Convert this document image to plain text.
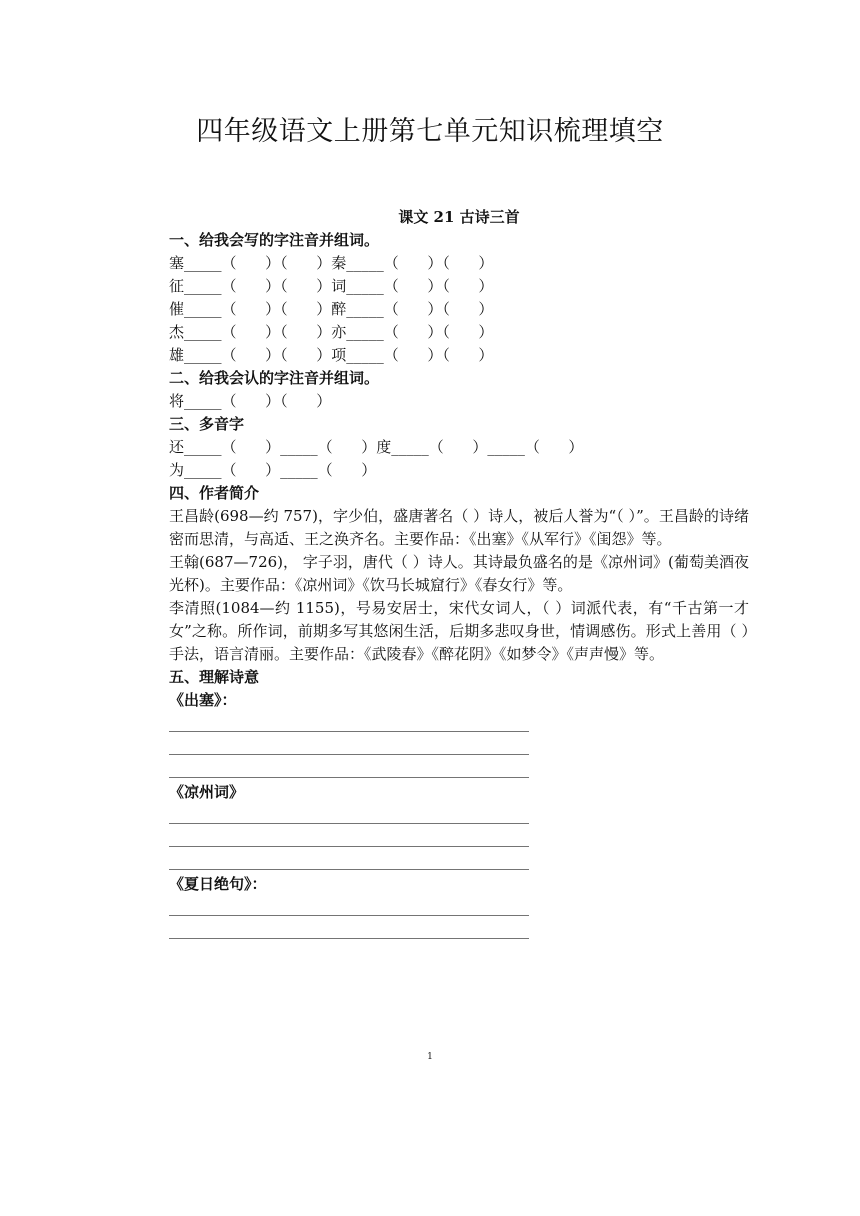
四年级语文上册第七单元知识梳理填空
课文 21 古诗三首
一、给我会写的字注音并组词。
塞_____（      ）（      ）秦_____（      ）（      ）
征_____（      ）（      ）词_____（      ）（      ）
催_____（      ）（      ）醉_____（      ）（      ）
杰_____（      ）（      ）亦_____（      ）（      ）
雄_____（      ）（      ）项_____（      ）（      ）
二、给我会认的字注音并组词。
将_____（      ）（      ）
三、多音字
还_____（      ）_____（      ）度_____（      ）_____（      ）
为_____（      ）_____（      ）
四、作者简介
王昌龄(698—约 757)，字少伯，盛唐著名（ ）诗人，被后人誉为“（ ）”。王昌龄的诗绪密而思清，与高适、王之涣齐名。主要作品：《出塞》《从军行》《闺怨》等。
王翰(687—726)， 字子羽，唐代（ ）诗人。其诗最负盛名的是《凉州词》(葡萄美酒夜光杯)。主要作品：《凉州词》《饮马长城窟行》《春女行》等。
李清照(1084—约 1155)，号易安居士，宋代女词人，（ ）词派代表，有“千古第一才女”之称。所作词，前期多写其悠闲生活，后期多悲叹身世，情调感伤。形式上善用（ ）手法，语言清丽。主要作品：《武陵春》《醉花阴》《如梦令》《声声慢》等。
五、理解诗意
《出塞》：
________________________________________________
________________________________________________
________________________________________________
《凉州词》
________________________________________________
________________________________________________
________________________________________________
《夏日绝句》：
________________________________________________
________________________________________________
1
